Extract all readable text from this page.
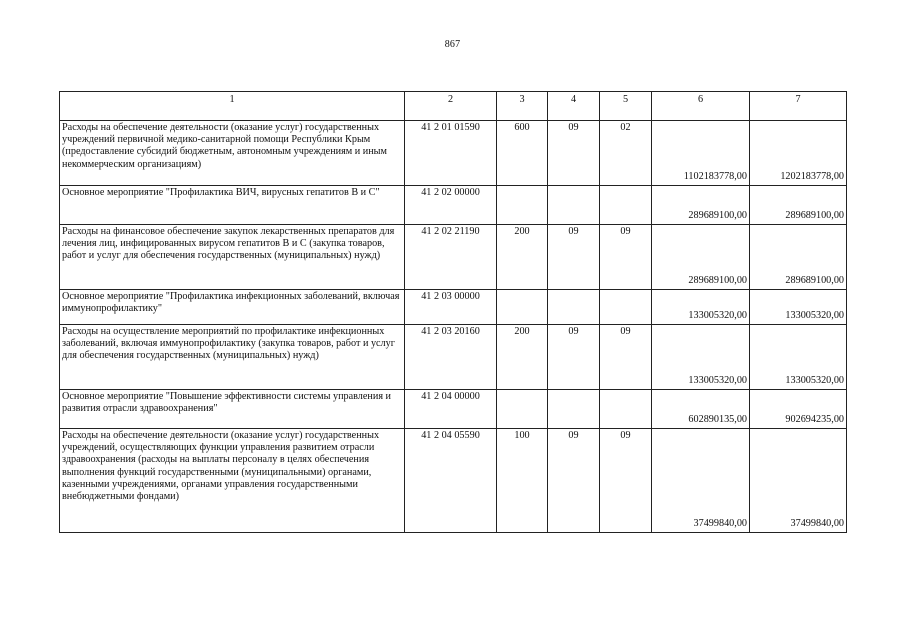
867
1	2	3	4	5	6	7
Расходы на обеспечение деятельности (оказание услуг) государственных учреждений первичной медико-санитарной помощи Республики Крым (предоставление субсидий бюджетным, автономным учреждениям и иным некоммерческим организациям)	41 2 01 01590	600	09	02	1102183778,00	1202183778,00
Основное мероприятие "Профилактика ВИЧ, вирусных гепатитов В и С"	41 2 02 00000				289689100,00	289689100,00
Расходы на финансовое обеспечение закупок лекарственных препаратов для лечения лиц, инфицированных вирусом гепатитов В и С (закупка товаров, работ и услуг для обеспечения государственных (муниципальных) нужд)	41 2 02 21190	200	09	09	289689100,00	289689100,00
Основное мероприятие "Профилактика инфекционных заболеваний, включая иммунопрофилактику"	41 2 03 00000				133005320,00	133005320,00
Расходы на осуществление мероприятий по профилактике инфекционных заболеваний, включая иммунопрофилактику (закупка товаров, работ и услуг для обеспечения государственных (муниципальных) нужд)	41 2 03 20160	200	09	09	133005320,00	133005320,00
Основное мероприятие "Повышение эффективности системы управления и развития отрасли здравоохранения"	41 2 04 00000				602890135,00	902694235,00
Расходы на обеспечение деятельности (оказание услуг) государственных учреждений, осуществляющих функции управления развитием отрасли здравоохранения (расходы на выплаты персоналу в целях обеспечения выполнения функций государственными (муниципальными) органами, казенными учреждениями, органами управления государственными внебюджетными фондами)	41 2 04 05590	100	09	09	37499840,00	37499840,00
